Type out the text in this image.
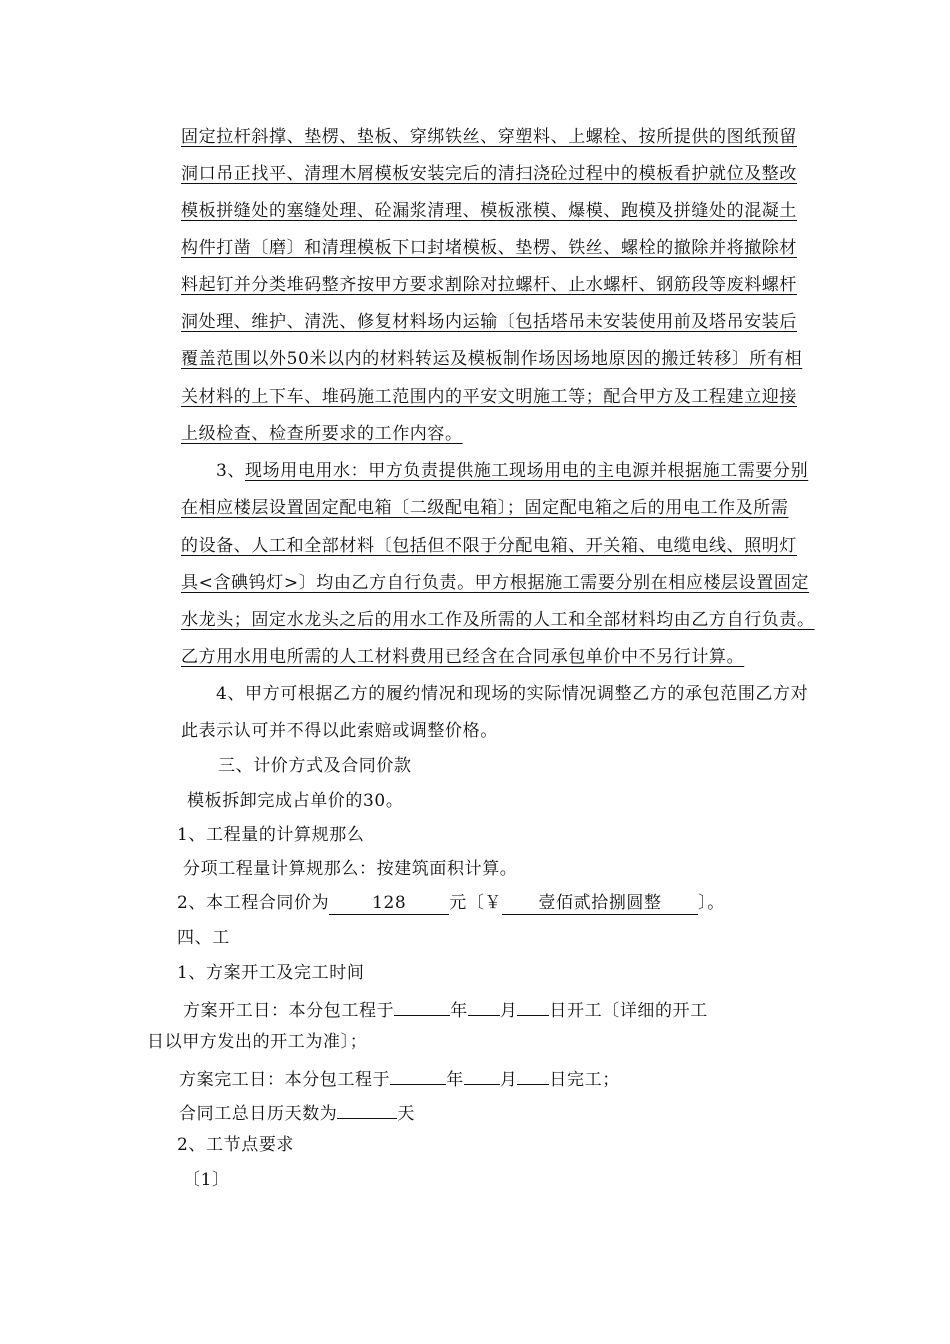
固定拉杆斜撑、垫楞、垫板、穿绑铁丝、穿塑料、上螺栓、按所提供的图纸预留
洞口吊正找平、清理木屑模板安装完后的清扫浇砼过程中的模板看护就位及整改
模板拼缝处的塞缝处理、砼漏浆清理、模板涨模、爆模、跑模及拼缝处的混凝土
构件打凿〔磨〕和清理模板下口封堵模板、垫楞、铁丝、螺栓的撤除并将撤除材
料起钉并分类堆码整齐按甲方要求割除对拉螺杆、止水螺杆、钢筋段等废料螺杆
洞处理、维护、清洗、修复材料场内运输〔包括塔吊未安装使用前及塔吊安装后
覆盖范围以外50米以内的材料转运及模板制作场因场地原因的搬迁转移〕所有相
关材料的上下车、堆码施工范围内的平安文明施工等；配合甲方及工程建立迎接
上级检查、检查所要求的工作内容。
3、现场用电用水：甲方负责提供施工现场用电的主电源并根据施工需要分别
在相应楼层设置固定配电箱〔二级配电箱〕；固定配电箱之后的用电工作及所需
的设备、人工和全部材料〔包括但不限于分配电箱、开关箱、电缆电线、照明灯
具<含碘钨灯>〕均由乙方自行负责。甲方根据施工需要分别在相应楼层设置固定
水龙头；固定水龙头之后的用水工作及所需的人工和全部材料均由乙方自行负责。
乙方用水用电所需的人工材料费用已经含在合同承包单价中不另行计算。
4、甲方可根据乙方的履约情况和现场的实际情况调整乙方的承包范围乙方对
此表示认可并不得以此索赔或调整价格。
三、计价方式及合同价款
模板拆卸完成占单价的30。
1、工程量的计算规那么
分项工程量计算规那么：按建筑面积计算。
2、本工程合同价为	128	元〔￥ 壹佰贰拾捌圆整 〕。
四、工
1、方案开工及完工时间
方案开工日：本分包工程于	年 月 日开工〔详细的开工
日以甲方发出的开工为准〕；
方案完工日：本分包工程于	年 月 日完工；
合同工总日历天数为	天
2、工节点要求
〔1〕
